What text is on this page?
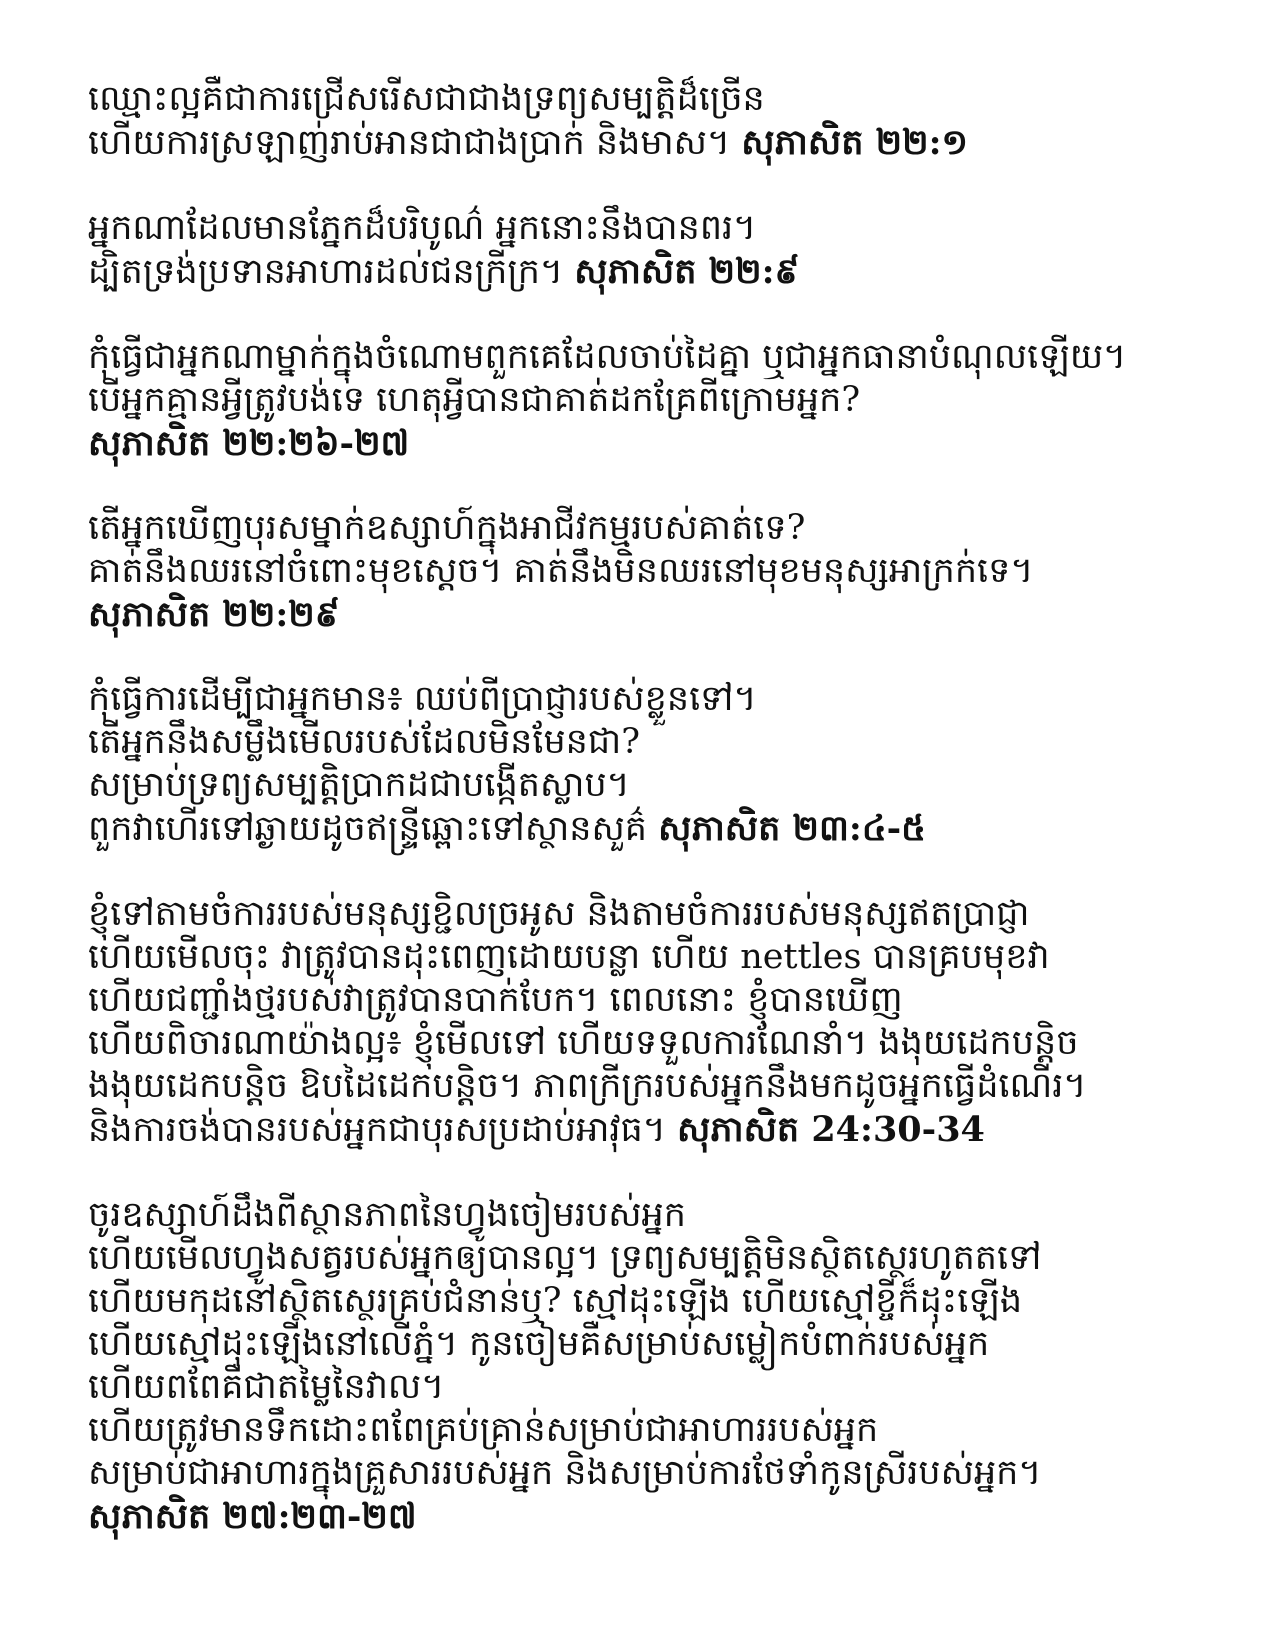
ឈ្មោះល្អគឺជាការជ្រើសរើសជាជាងទ្រព្យសម្បត្តិដ៏ច្រើន
ហើយការស្រឡាញ់រាប់អានជាជាងប្រាក់ និងមាស។ សុភាសិត ២២:១
អ្នកណាដែលមានភ្នែកដ៏បរិបូណ៌ អ្នកនោះនឹងបានពរ។
ដ្បិតទ្រង់ប្រទានអាហារដល់ជនក្រីក្រ។ សុភាសិត ២២:៩
កុំធ្វើជាអ្នកណាម្នាក់ក្នុងចំណោមពួកគេដែលចាប់ដៃគ្នា ឬជាអ្នកធានាបំណុលឡើយ។
បើអ្នកគ្មានអ្វីត្រូវបង់ទេ ហេតុអ្វីបានជាគាត់ដកគ្រែពីក្រោមអ្នក?
សុភាសិត ២២:២៦-២៧
តើអ្នកឃើញបុរសម្នាក់ឧស្សាហ៍ក្នុងអាជីវកម្មរបស់គាត់ទេ?
គាត់នឹងឈរនៅចំពោះមុខស្តេច។ គាត់នឹងមិនឈរនៅមុខមនុស្សអាក្រក់ទេ។
សុភាសិត ២២:២៩
កុំធ្វើការដើម្បីជាអ្នកមាន៖ ឈប់ពីប្រាជ្ញារបស់ខ្លួនទៅ។
តើអ្នកនឹងសម្លឹងមើលរបស់ដែលមិនមែនជា?
សម្រាប់ទ្រព្យសម្បត្តិប្រាកដជាបង្កើតស្លាប។
ពួកវាហើរទៅឆ្ងាយដូចឥន្ទ្រីឆ្ពោះទៅស្ថានសួគ៌ សុភាសិត ២៣:៤-៥
ខ្ញុំទៅតាមចំការរបស់មនុស្សខ្ជិលច្រអូស និងតាមចំការរបស់មនុស្សឥតប្រាជ្ញា
ហើយមើលចុះ វាត្រូវបានដុះពេញដោយបន្លា ហើយ nettles បានគ្របមុខវា
ហើយជញ្ជាំងថ្មរបស់វាត្រូវបានបាក់បែក។ ពេលនោះ ខ្ញុំបានឃើញ
ហើយពិចារណាយ៉ាងល្អ៖ ខ្ញុំមើលទៅ ហើយទទួលការណែនាំ។ ងងុយដេកបន្តិច
ងងុយដេកបន្តិច ឱបដៃដេកបន្តិច។ ភាពក្រីក្ររបស់អ្នកនឹងមកដូចអ្នកធ្វើដំណើរ។
និងការចង់បានរបស់អ្នកជាបុរសប្រដាប់អាវុធ។ សុភាសិត 24:30-34
ចូរឧស្សាហ៍ដឹងពីស្ថានភាពនៃហ្វូងចៀមរបស់អ្នក
ហើយមើលហ្វូងសត្វរបស់អ្នកឲ្យបានល្អ។ ទ្រព្យសម្បត្តិមិនស្ថិតស្ថេរហូតតទៅ
ហើយមកុដនៅស្ថិតស្ថេរគ្រប់ជំនាន់ឬ? ស្មៅដុះឡើង ហើយស្មៅខ្ចីក៏ដុះឡើង
ហើយស្មៅដុះឡើងនៅលើភ្នំ។ កូនចៀមគឺសម្រាប់សម្លៀកបំពាក់របស់អ្នក
ហើយពពែគឺជាតម្លៃនៃវាល។
ហើយត្រូវមានទឹកដោះពពែគ្រប់គ្រាន់សម្រាប់ជាអាហាររបស់អ្នក
សម្រាប់ជាអាហារក្នុងគ្រួសាររបស់អ្នក និងសម្រាប់ការថែទាំកូនស្រីរបស់អ្នក។
សុភាសិត ២៧:២៣-២៧
